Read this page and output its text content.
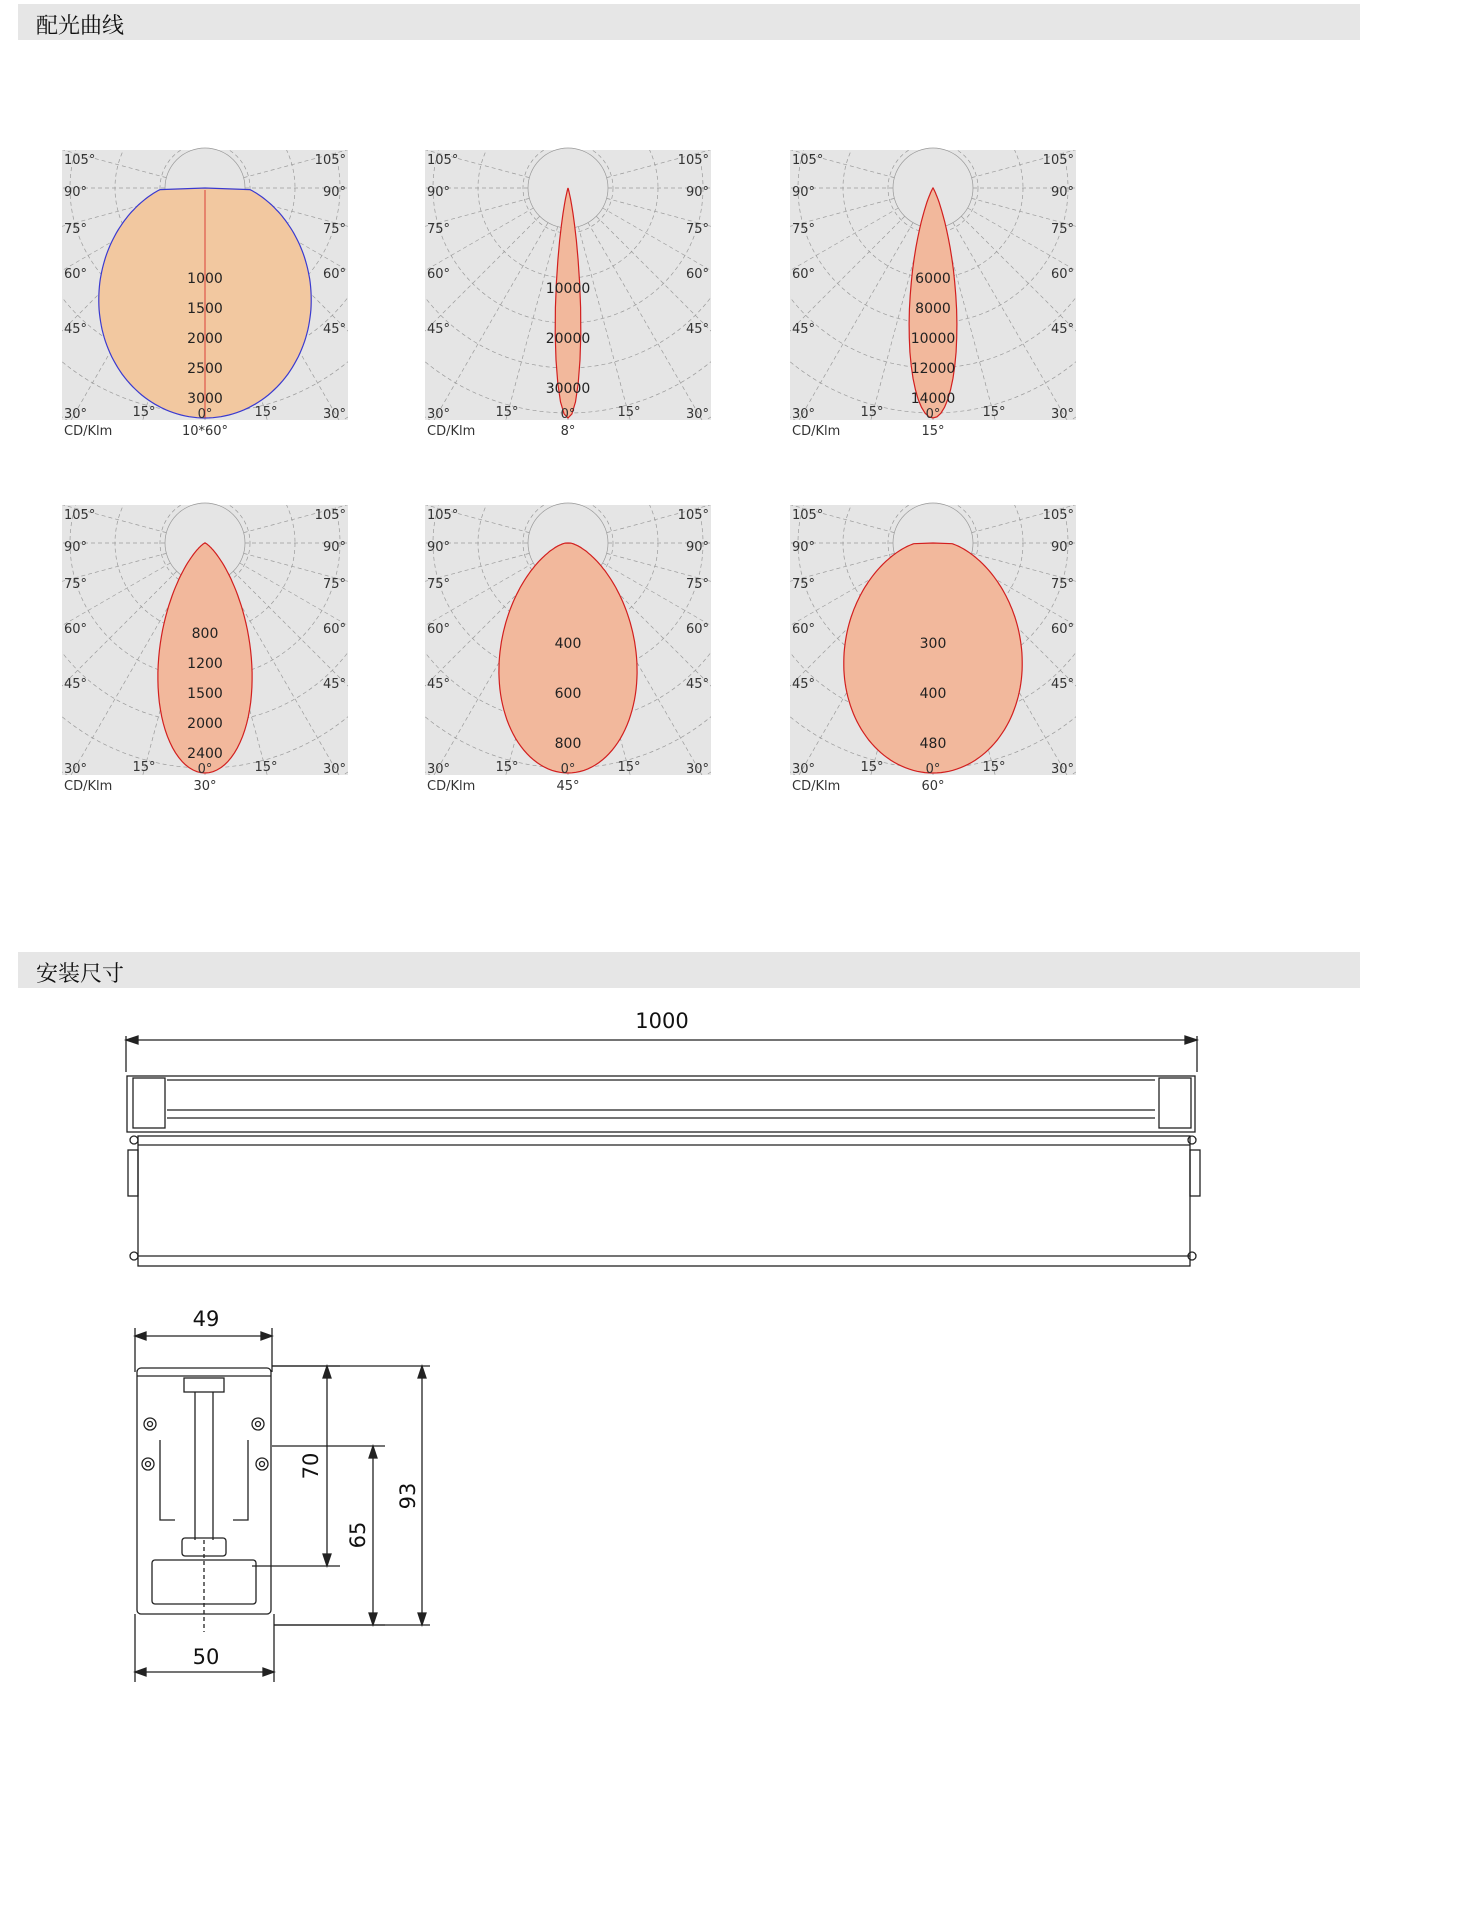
配光曲线
1000
1500
2000
2500
3000
105°	105°
90°	90°
75°	75°
60°	60°
45°	45°
30°	30°
15°	15°
0°
CD/Klm	10*60°
10000
20000
30000
105°	105°
90°	90°
75°	75°
60°	60°
45°	45°
30°	30°
15°	15°
0°
CD/Klm	8°
6000
8000
10000
12000
14000
105°	105°
90°	90°
75°	75°
60°	60°
45°	45°
30°	30°
15°	15°
0°
CD/Klm	15°
800
1200
1500
2000
2400
105°	105°
90°	90°
75°	75°
60°	60°
45°	45°
30°	30°
15°	15°
0°
CD/Klm	30°
400
600
800
105°	105°
90°	90°
75°	75°
60°	60°
45°	45°
30°	30°
15°	15°
0°
CD/Klm	45°
300
400
480
105°	105°
90°	90°
75°	75°
60°	60°
45°	45°
30°	30°
15°	15°
0°
CD/Klm	60°
安装尺寸
1000
49
50
93
70
65
